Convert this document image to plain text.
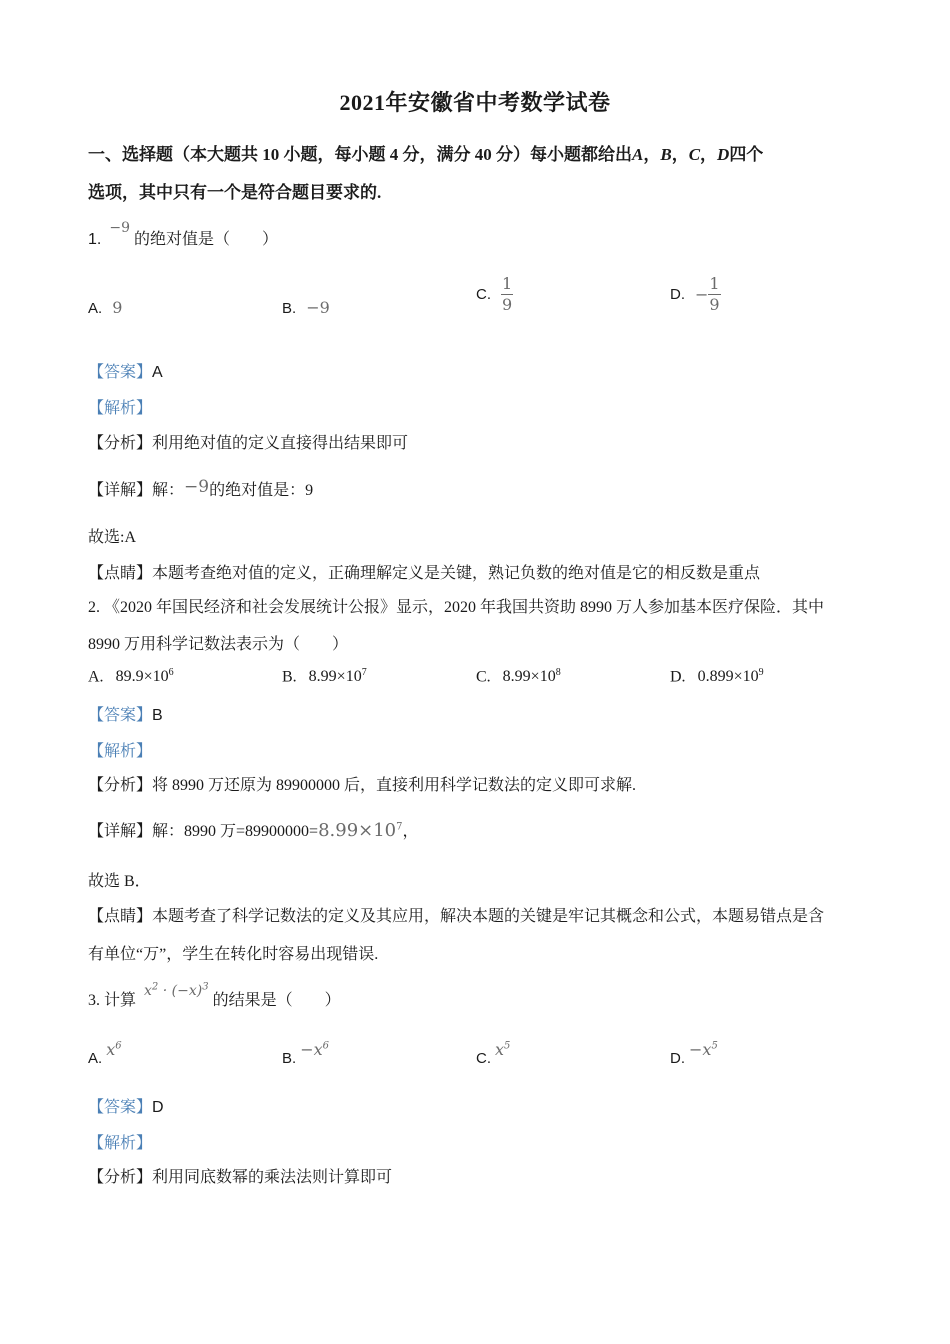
2021年安徽省中考数学试卷
一、选择题（本大题共 10 小题，每小题 4 分，满分 40 分）每小题都给出A，B，C，D四个
选项，其中只有一个是符合题目要求的.
1. −9的绝对值是（　　）
A. 9	B. −9
C. $\frac{1}{9}$	D. − $\frac{1}{9}$
【答案】A
【解析】
【分析】利用绝对值的定义直接得出结果即可
【详解】解：−9的绝对值是：9
故选:A
【点睛】本题考查绝对值的定义，正确理解定义是关键，熟记负数的绝对值是它的相反数是重点
2. 《2020 年国民经济和社会发展统计公报》显示，2020 年我国共资助 8990 万人参加基本医疗保险．其中
8990 万用科学记数法表示为（　　）
A. $89.9\times 10^6$	B. $8.99\times 10^7$	C. $8.99\times 10^8$	D. $0.899\times 10^9$
【答案】B
【解析】
【分析】将 8990 万还原为 89900000 后，直接利用科学记数法的定义即可求解.
【详解】解：8990 万$=89900000=8.99\times 10^7$，
故选 B．
【点睛】本题考查了科学记数法的定义及其应用，解决本题的关键是牢记其概念和公式，本题易错点是含
有单位“万”，学生在转化时容易出现错误.
3. 计算 $x^2 \cdot (-x)^3$的结果是（　　）
A. $x^6$
B. $-x^6$
C. $x^5$
D. $-x^5$
【答案】D
【解析】
【分析】利用同底数幂的乘法法则计算即可
